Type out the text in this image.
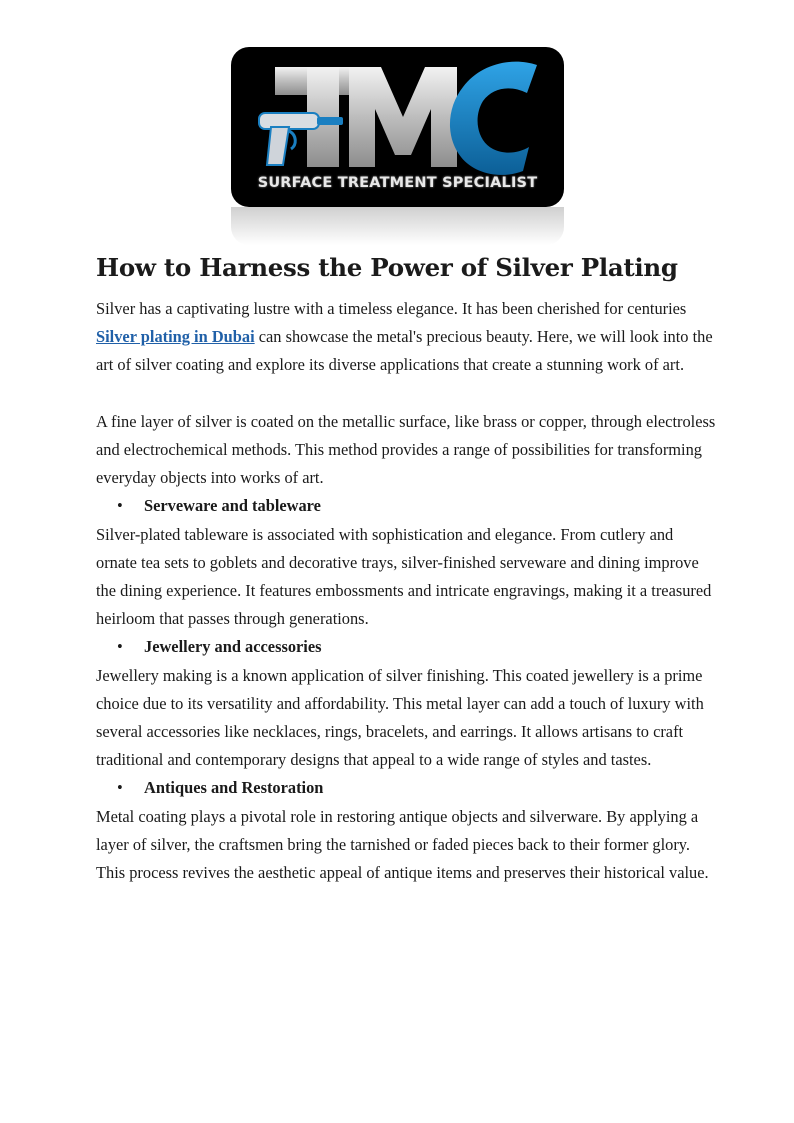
SURFACE TREATMENT SPECIALIST
How to Harness the Power of Silver Plating

Silver has a captivating lustre with a timeless elegance. It has been cherished for centuries Silver plating in Dubai can showcase the metal's precious beauty. Here, we will look into the art of silver coating and explore its diverse applications that create a stunning work of art.

A fine layer of silver is coated on the metallic surface, like brass or copper, through electroless and electrochemical methods. This method provides a range of possibilities for transforming everyday objects into works of art.

•	Serveware and tableware

Silver-plated tableware is associated with sophistication and elegance. From cutlery and ornate tea sets to goblets and decorative trays, silver-finished serveware and dining improve the dining experience. It features embossments and intricate engravings, making it a treasured heirloom that passes through generations.

•	Jewellery and accessories

Jewellery making is a known application of silver finishing. This coated jewellery is a prime choice due to its versatility and affordability. This metal layer can add a touch of luxury with several accessories like necklaces, rings, bracelets, and earrings. It allows artisans to craft traditional and contemporary designs that appeal to a wide range of styles and tastes.

•	Antiques and Restoration

Metal coating plays a pivotal role in restoring antique objects and silverware. By applying a layer of silver, the craftsmen bring the tarnished or faded pieces back to their former glory. This process revives the aesthetic appeal of antique items and preserves their historical value.
